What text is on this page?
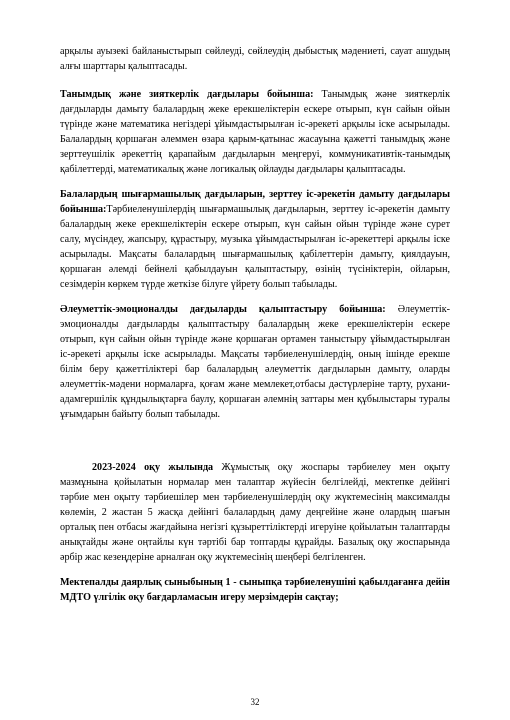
арқылы ауызекі байланыстырып сөйлеуді, сөйлеудің дыбыстық мәдениеті, сауат ашудың алғы шарттары қалыптасады.

Танымдық және зияткерлік дағдылары бойынша: Танымдық және зияткерлік дағдыларды дамыту балалардың жеке ерекшеліктерін ескере отырып, күн сайын ойын түрінде және математика негіздері ұйымдастырылған іс-әрекеті арқылы іске асырылады. Балалардың қоршаған әлеммен өзара қарым-қатынас жасауына қажетті танымдық және зерттеушілік әрекеттің қарапайым дағдыларын меңгеруі, коммуникативтік-танымдық қабілеттерді, математикалық және логикалық ойлауды дағдылары қалыптасады.

Балалардың шығармашылық дағдыларын, зерттеу іс-әрекетін дамыту дағдылары бойынша:Тәрбиеленушілердің шығармашылық дағдыларын, зерттеу іс-әрекетін дамыту балалардың жеке ерекшеліктерін ескере отырып, күн сайын ойын түрінде және сурет салу, мүсіндеу, жапсыру, құрастыру, музыка ұйымдастырылған іс-әрекеттері арқылы іске асырылады. Мақсаты балалардың шығармашылық қабілеттерін дамыту, қиялдауын, қоршаған әлемді бейнелі қабылдауын қалыптастыру, өзінің түсініктерін, ойларын, сезімдерін көркем түрде жеткізе білуге үйрету болып табылады.

Әлеуметтік-эмоционалды дағдыларды қалыптастыру бойынша: Әлеуметтік-эмоционалды дағдыларды қалыптастыру балалардың жеке ерекшеліктерін ескере отырып, күн сайын ойын түрінде және қоршаған ортамен таныстыру ұйымдастырылған іс-әрекеті арқылы іске асырылады. Мақсаты тәрбиеленушілердің, оның ішінде ерекше білім беру қажеттіліктері бар балалардың әлеуметтік дағдыларын дамыту, оларды әлеуметтік-мәдени нормаларға, қоғам және мемлекет,отбасы дәстүрлеріне тарту, рухани-адамгершілік құндылықтарға баулу, қоршаған әлемнің заттары мен құбылыстары туралы ұғымдарын байыту болып табылады.

2023-2024 оқу жылында Жұмыстық оқу жоспары тәрбиелеу мен оқыту мазмұнына қойылатын нормалар мен талаптар жүйесін белгілейді, мектепке дейінгі тәрбие мен оқыту тәрбиешілер мен тәрбиеленушілердің оқу жүктемесінің максималды көлемін, 2 жастан 5 жасқа дейінгі балалардың даму деңгейіне және олардың шағын орталық пен отбасы жағдайына негізгі құзыреттіліктерді игеруіне қойылатын талаптарды анықтайды және оңтайлы күн тәртібі бар топтарды құрайды. Базалық оқу жоспарында әрбір жас кезеңдеріне арналған оқу жүктемесінің шеңбері белгіленген.

Мектепалды даярлық сыныбының 1 - сыныпқа тәрбиеленушіні қабылдағанға дейін МДТО үлгілік оқу бағдарламасын игеру мерзімдерін сақтау;

32
